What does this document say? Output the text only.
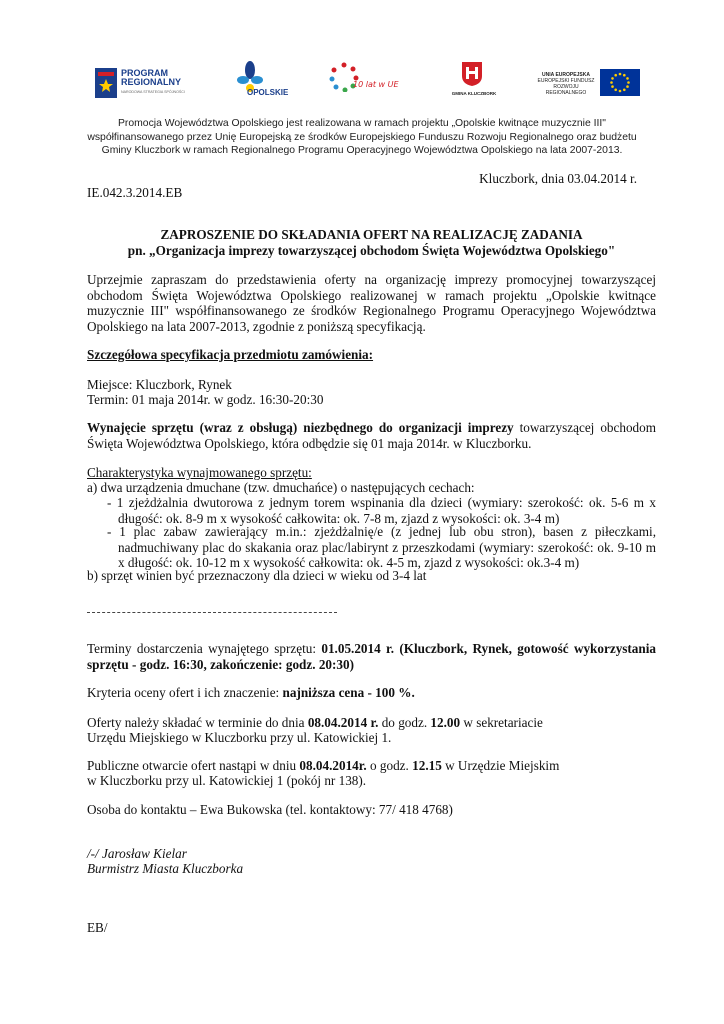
PROGRAM
REGIONALNY
NARODOWA STRATEGIA SPÓJNOŚCI	OPOLSKIE
10 lat w UE
GMINA KLUCZBORK
UNIA EUROPEJSKA
EUROPEJSKI FUNDUSZ
ROZWOJU REGIONALNEGO
Promocja Województwa Opolskiego jest realizowana w ramach projektu „Opolskie kwitnące muzycznie III"
współfinansowanego przez Unię Europejską ze środków Europejskiego Funduszu Rozwoju Regionalnego oraz budżetu
Gminy Kluczbork w ramach Regionalnego Programu Operacyjnego Województwa Opolskiego na lata 2007-2013.
Kluczbork, dnia 03.04.2014 r.
IE.042.3.2014.EB
ZAPROSZENIE DO SKŁADANIA OFERT NA REALIZACJĘ ZADANIA
pn. „Organizacja imprezy towarzyszącej obchodom Święta Województwa Opolskiego"
Uprzejmie zapraszam do przedstawienia oferty na organizację imprezy promocyjnej towarzyszącej
obchodom Święta Województwa Opolskiego realizowanej w ramach projektu „Opolskie kwitnące
muzycznie III" współfinansowanego ze środków Regionalnego Programu Operacyjnego Województwa
Opolskiego na lata 2007-2013, zgodnie z poniższą specyfikacją.
Szczegółowa specyfikacja przedmiotu zamówienia:
Miejsce: Kluczbork, Rynek
Termin: 01 maja 2014r. w godz. 16:30-20:30
Wynajęcie sprzętu (wraz z obsługą) niezbędnego do organizacji imprezy towarzyszącej obchodom
Święta Województwa Opolskiego, która odbędzie się 01 maja 2014r. w Kluczborku.
Charakterystyka wynajmowanego sprzętu:
a) dwa urządzenia dmuchane (tzw. dmuchańce) o następujących cechach:
- 1 zjeżdżalnia dwutorowa z jednym torem wspinania dla dzieci (wymiary: szerokość: ok. 5-6 m x
długość: ok. 8-9 m x wysokość całkowita: ok. 7-8 m, zjazd z wysokości: ok. 3-4 m)
- 1 plac zabaw zawierający m.in.: zjeżdżalnię/e (z jednej lub obu stron), basen z piłeczkami,
nadmuchiwany plac do skakania oraz plac/labirynt z przeszkodami (wymiary: szerokość: ok. 9-10 m
x długość: ok. 10-12 m x wysokość całkowita: ok. 4-5 m, zjazd z wysokości: ok.3-4 m)
b) sprzęt winien być przeznaczony dla dzieci w wieku od 3-4 lat
Terminy dostarczenia wynajętego sprzętu: 01.05.2014 r. (Kluczbork, Rynek, gotowość wykorzystania
sprzętu - godz. 16:30, zakończenie: godz. 20:30)
Kryteria oceny ofert i ich znaczenie: najniższa cena - 100 %.
Oferty należy składać w terminie do dnia 08.04.2014 r. do godz. 12.00 w sekretariacie
Urzędu Miejskiego w Kluczborku przy ul. Katowickiej 1.
Publiczne otwarcie ofert nastąpi w dniu 08.04.2014r. o godz. 12.15 w Urzędzie Miejskim
w Kluczborku przy ul. Katowickiej 1 (pokój nr 138).
Osoba do kontaktu – Ewa Bukowska (tel. kontaktowy: 77/ 418 4768)
/-/ Jarosław Kielar
Burmistrz Miasta Kluczborka
EB/
